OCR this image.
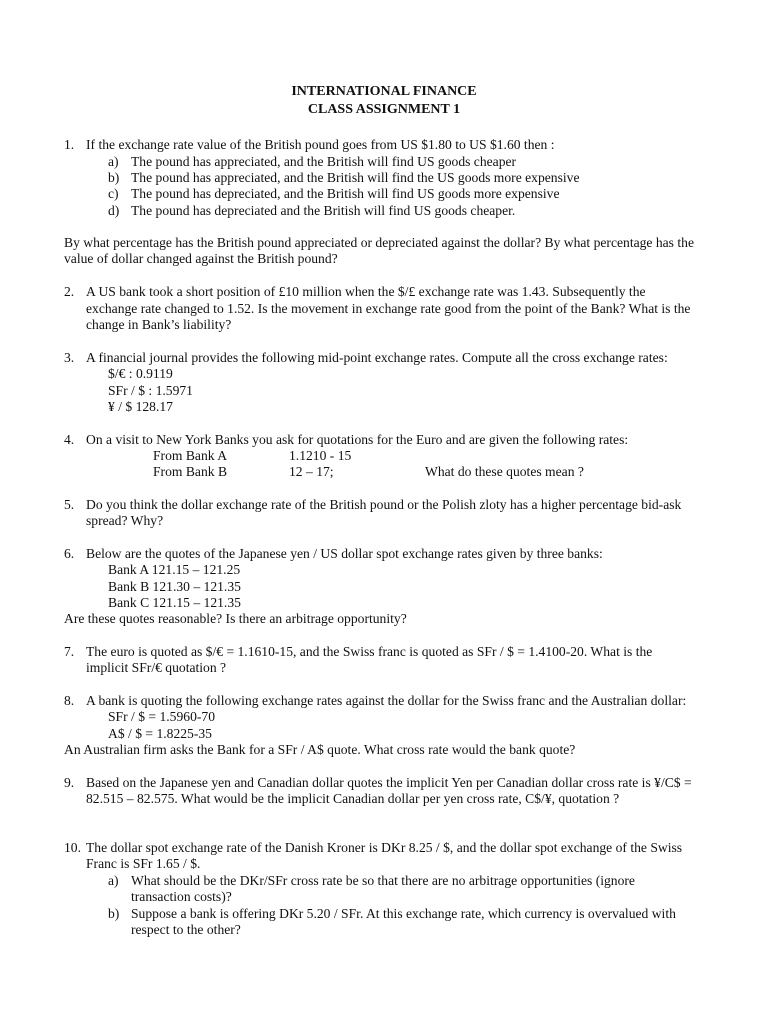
INTERNATIONAL FINANCE
CLASS ASSIGNMENT 1
1. If the exchange rate value of the British pound goes from US $1.80 to US $1.60 then :
a) The pound has appreciated, and the British will find US goods cheaper
b) The pound has appreciated, and the British will find the US goods more expensive
c) The pound has depreciated, and the British will find US goods more expensive
d) The pound has depreciated and the British will find US goods cheaper.
By what percentage has the British pound appreciated or depreciated against the dollar? By what percentage has the
value of dollar changed against the British pound?
2. A US bank took a short position of £10 million when the $/£ exchange rate was 1.43. Subsequently the
exchange rate changed to 1.52. Is the movement in exchange rate good from the point of the Bank? What is the
change in Bank’s liability?
3. A financial journal provides the following mid-point exchange rates. Compute all the cross exchange rates:
$/€ : 0.9119
SFr / $ : 1.5971
¥ / $ 128.17
4. On a visit to New York Banks you ask for quotations for the Euro and are given the following rates:
From Bank A	1.1210 - 15
From Bank B	12 – 17;	What do these quotes mean ?
5. Do you think the dollar exchange rate of the British pound or the Polish zloty has a higher percentage bid-ask
spread? Why?
6. Below are the quotes of the Japanese yen / US dollar spot exchange rates given by three banks:
Bank A 121.15 – 121.25
Bank B 121.30 – 121.35
Bank C 121.15 – 121.35
Are these quotes reasonable? Is there an arbitrage opportunity?
7. The euro is quoted as $/€ = 1.1610-15, and the Swiss franc is quoted as SFr / $ = 1.4100-20. What is the
implicit SFr/€ quotation ?
8. A bank is quoting the following exchange rates against the dollar for the Swiss franc and the Australian dollar:
SFr / $ = 1.5960-70
A$ / $ = 1.8225-35
An Australian firm asks the Bank for a SFr / A$ quote. What cross rate would the bank quote?
9. Based on the Japanese yen and Canadian dollar quotes the implicit Yen per Canadian dollar cross rate is ¥/C$ =
82.515 – 82.575. What would be the implicit Canadian dollar per yen cross rate, C$/¥, quotation ?
10. The dollar spot exchange rate of the Danish Kroner is DKr 8.25 / $, and the dollar spot exchange of the Swiss
Franc is SFr 1.65 / $.
a) What should be the DKr/SFr cross rate be so that there are no arbitrage opportunities (ignore
transaction costs)?
b) Suppose a bank is offering DKr 5.20 / SFr. At this exchange rate, which currency is overvalued with
respect to the other?
